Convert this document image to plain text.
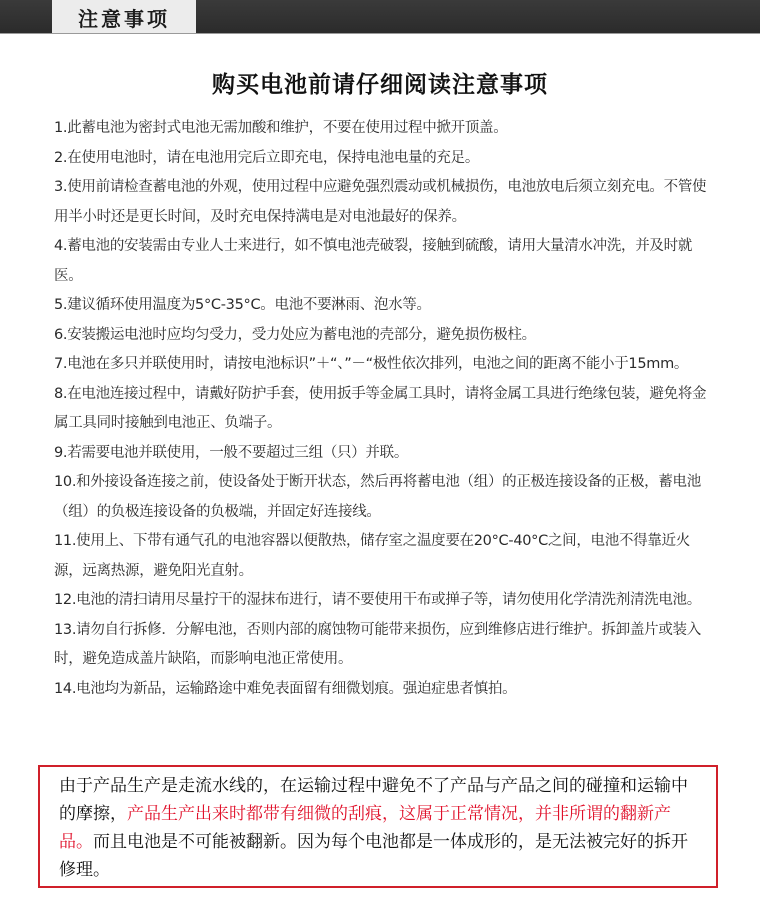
注意事项
购买电池前请仔细阅读注意事项
1.此蓄电池为密封式电池无需加酸和维护，不要在使用过程中掀开顶盖。
2.在使用电池时，请在电池用完后立即充电，保持电池电量的充足。
3.使用前请检查蓄电池的外观，使用过程中应避免强烈震动或机械损伤，电池放电后须立刻充电。不管使用半小时还是更长时间，及时充电保持满电是对电池最好的保养。
4.蓄电池的安装需由专业人士来进行，如不慎电池壳破裂，接触到硫酸，请用大量清水冲洗，并及时就医。
5.建议循环使用温度为5°C-35°C。电池不要淋雨、泡水等。
6.安装搬运电池时应均匀受力，受力处应为蓄电池的壳部分，避免损伤极柱。
7.电池在多只并联使用时，请按电池标识”＋“、”－“极性依次排列，电池之间的距离不能小于15mm。
8.在电池连接过程中，请戴好防护手套，使用扳手等金属工具时，请将金属工具进行绝缘包装，避免将金属工具同时接触到电池正、负端子。
9.若需要电池并联使用，一般不要超过三组（只）并联。
10.和外接设备连接之前，使设备处于断开状态，然后再将蓄电池（组）的正极连接设备的正极，蓄电池（组）的负极连接设备的负极端，并固定好连接线。
11.使用上、下带有通气孔的电池容器以便散热，储存室之温度要在20°C-40°C之间，电池不得靠近火源，远离热源，避免阳光直射。
12.电池的清扫请用尽量拧干的湿抹布进行，请不要使用干布或掸子等，请勿使用化学清洗剂清洗电池。
13.请勿自行拆修．分解电池，否则内部的腐蚀物可能带来损伤，应到维修店进行维护。拆卸盖片或装入时，避免造成盖片缺陷，而影响电池正常使用。
14.电池均为新品，运输路途中难免表面留有细微划痕。强迫症患者慎拍。
由于产品生产是走流水线的，在运输过程中避免不了产品与产品之间的碰撞和运输中的摩擦，产品生产出来时都带有细微的刮痕，这属于正常情况，并非所谓的翻新产品。而且电池是不可能被翻新。因为每个电池都是一体成形的，是无法被完好的拆开修理。
